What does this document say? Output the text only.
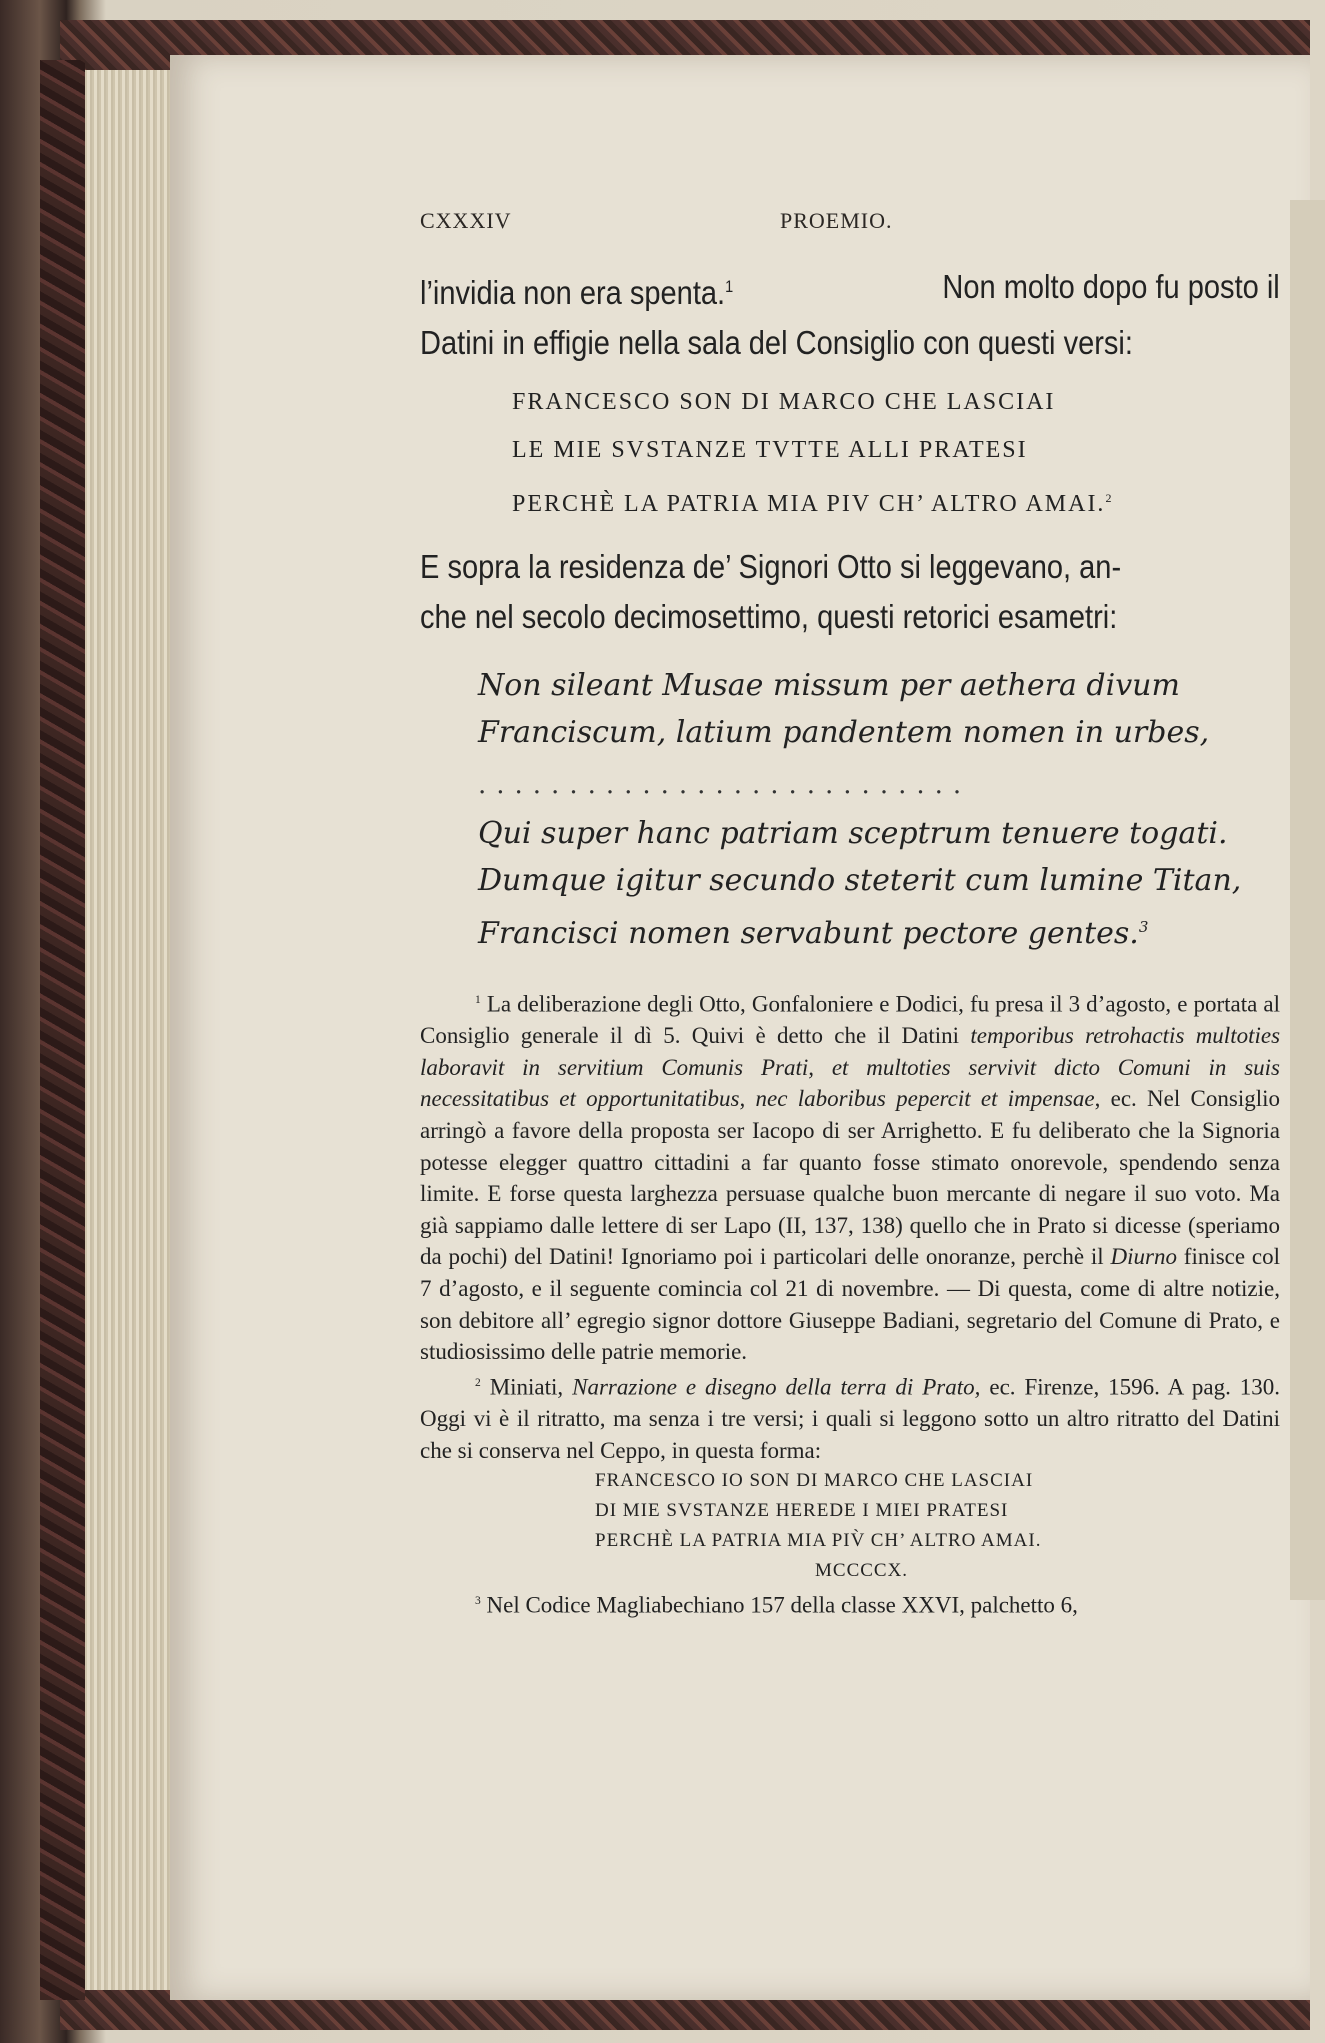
CXXXIV	PROEMIO.
l’invidia non era spenta.$^1$	Non molto dopo fu posto il
Datini in effigie nella sala del Consiglio con questi versi:
FRANCESCO SON DI MARCO CHE LASCIAI
LE MIE SVSTANZE TVTTE ALLI PRATESI
PERCHÈ LA PATRIA MIA PIV CH’ ALTRO AMAI.$^2$
E sopra la residenza de’ Signori Otto si leggevano, an-
che nel secolo decimosettimo, questi retorici esametri:
Non sileant Musae missum per aethera divum
Franciscum, latium pandentem nomen in urbes,
...........................
Qui super hanc patriam sceptrum tenuere togati.
Dumque igitur secundo steterit cum lumine Titan,
Francisci nomen servabunt pectore gentes.$^3$

$^1$ La deliberazione degli Otto, Gonfaloniere e Dodici, fu presa il 3 d’agosto, e portata al Consiglio generale il dì 5. Quivi è detto che il Datini temporibus retrohactis multoties laboravit in servitium Comunis Prati, et multoties servivit dicto Comuni in suis necessitatibus et opportunitatibus, nec laboribus pepercit et impensae, ec. Nel Consiglio arringò a favore della proposta ser Iacopo di ser Arrighetto. E fu deliberato che la Signoria potesse elegger quattro cittadini a far quanto fosse stimato onorevole, spendendo senza limite. E forse questa larghezza persuase qualche buon mercante di negare il suo voto. Ma già sappiamo dalle lettere di ser Lapo (II, 137, 138) quello che in Prato si dicesse (speriamo da pochi) del Datini! Ignoriamo poi i particolari delle onoranze, perchè il Diurno finisce col 7 d’agosto, e il seguente comincia col 21 di novembre. — Di questa, come di altre notizie, son debitore all’ egregio signor dottore Giuseppe Badiani, segretario del Comune di Prato, e studiosissimo delle patrie memorie.

$^2$ Miniati, Narrazione e disegno della terra di Prato, ec. Firenze, 1596. A pag. 130. Oggi vi è il ritratto, ma senza i tre versi; i quali si leggono sotto un altro ritratto del Datini che si conserva nel Ceppo, in questa forma:

FRANCESCO IO SON DI MARCO CHE LASCIAI
DI MIE SVSTANZE HEREDE I MIEI PRATESI
PERCHÈ LA PATRIA MIA PIV̀ CH’ ALTRO AMAI.
MCCCCX.

$^3$ Nel Codice Magliabechiano 157 della classe XXVI, palchetto 6,
